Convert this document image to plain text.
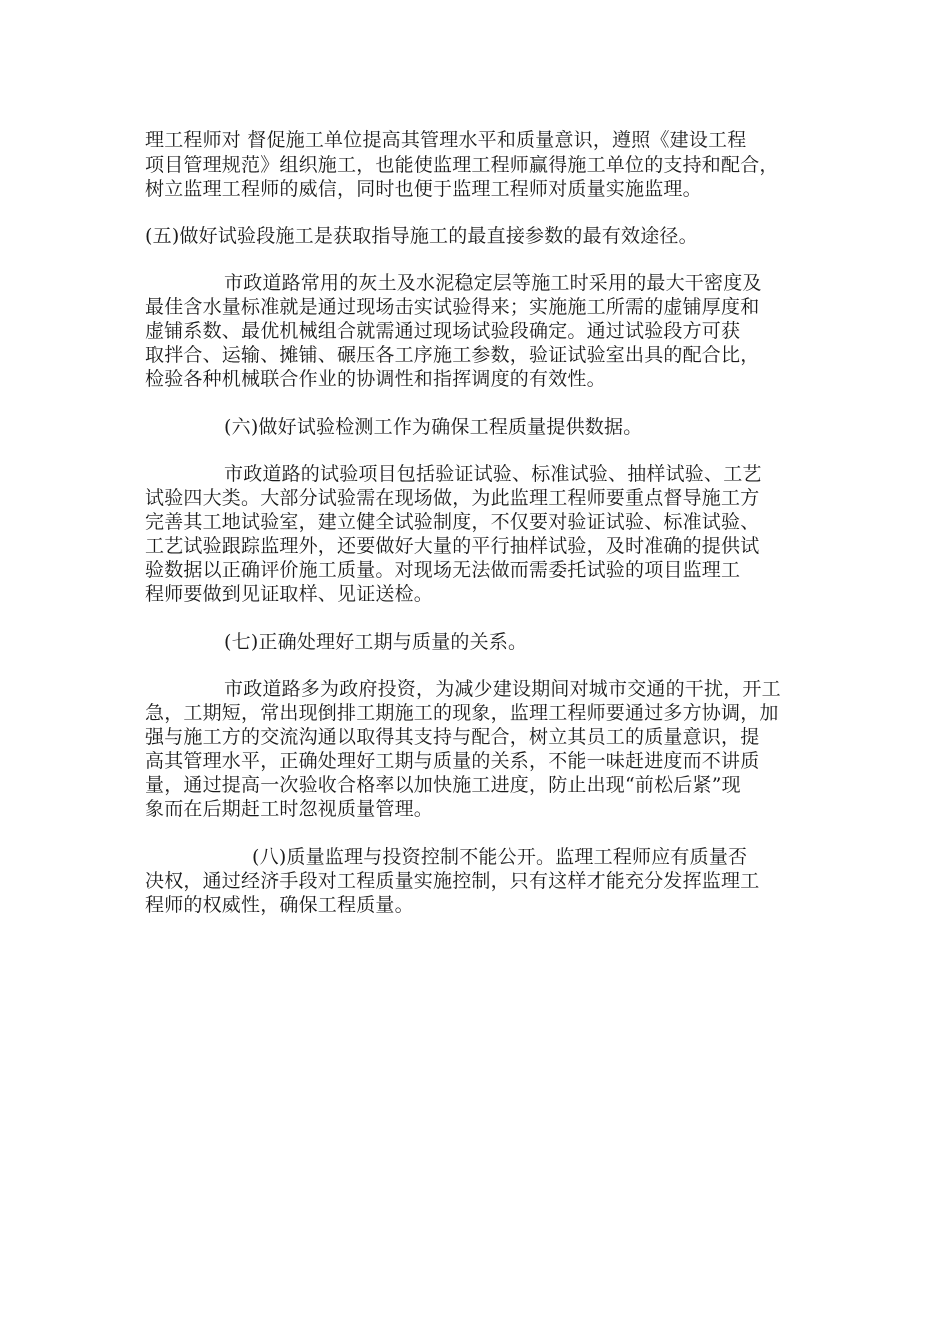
理工程师对 督促施工单位提高其管理水平和质量意识，遵照《建设工程

项目管理规范》组织施工，也能使监理工程师赢得施工单位的支持和配合，

树立监理工程师的威信，同时也便于监理工程师对质量实施监理。

(五)做好试验段施工是获取指导施工的最直接参数的最有效途径。

市政道路常用的灰土及水泥稳定层等施工时采用的最大干密度及

最佳含水量标准就是通过现场击实试验得来；实施施工所需的虚铺厚度和

虚铺系数、最优机械组合就需通过现场试验段确定。通过试验段方可获

取拌合、运输、摊铺、碾压各工序施工参数，验证试验室出具的配合比，

检验各种机械联合作业的协调性和指挥调度的有效性。

(六)做好试验检测工作为确保工程质量提供数据。

市政道路的试验项目包括验证试验、标准试验、抽样试验、工艺

试验四大类。大部分试验需在现场做，为此监理工程师要重点督导施工方

完善其工地试验室，建立健全试验制度，不仅要对验证试验、标准试验、

工艺试验跟踪监理外，还要做好大量的平行抽样试验，及时准确的提供试

验数据以正确评价施工质量。对现场无法做而需委托试验的项目监理工

程师要做到见证取样、见证送检。

(七)正确处理好工期与质量的关系。

市政道路多为政府投资，为减少建设期间对城市交通的干扰，开工

急，工期短，常出现倒排工期施工的现象，监理工程师要通过多方协调，加

强与施工方的交流沟通以取得其支持与配合，树立其员工的质量意识，提

高其管理水平，正确处理好工期与质量的关系，不能一味赶进度而不讲质

量，通过提高一次验收合格率以加快施工进度，防止出现“前松后紧”现

象而在后期赶工时忽视质量管理。

(八)质量监理与投资控制不能公开。监理工程师应有质量否

决权，通过经济手段对工程质量实施控制，只有这样才能充分发挥监理工

程师的权威性，确保工程质量。
